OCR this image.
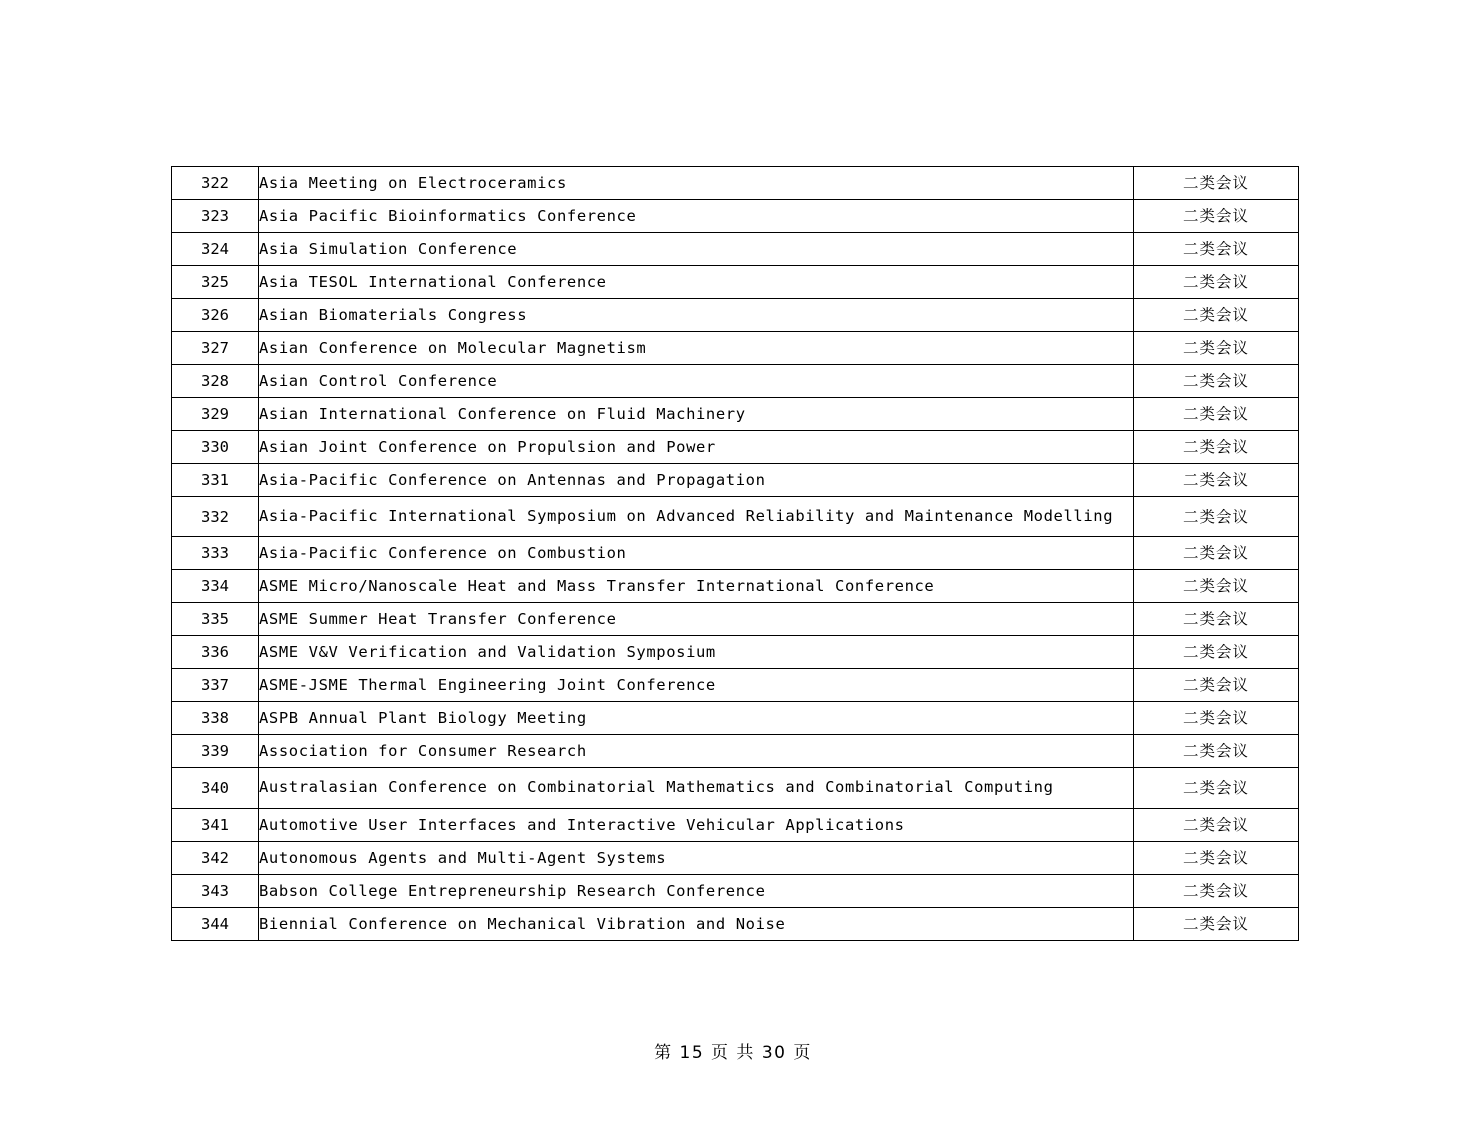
322	Asia Meeting on Electroceramics	二类会议
323	Asia Pacific Bioinformatics Conference	二类会议
324	Asia Simulation Conference	二类会议
325	Asia TESOL International Conference	二类会议
326	Asian Biomaterials Congress	二类会议
327	Asian Conference on Molecular Magnetism	二类会议
328	Asian Control Conference	二类会议
329	Asian International Conference on Fluid Machinery	二类会议
330	Asian Joint Conference on Propulsion and Power	二类会议
331	Asia-Pacific Conference on Antennas and Propagation	二类会议
332	Asia-Pacific International Symposium on Advanced Reliability and Maintenance Modelling	二类会议
333	Asia-Pacific Conference on Combustion	二类会议
334	ASME Micro/Nanoscale Heat and Mass Transfer International Conference	二类会议
335	ASME Summer Heat Transfer Conference	二类会议
336	ASME V&V Verification and Validation Symposium	二类会议
337	ASME-JSME Thermal Engineering Joint Conference	二类会议
338	ASPB Annual Plant Biology Meeting	二类会议
339	Association for Consumer Research	二类会议
340	Australasian Conference on Combinatorial Mathematics and Combinatorial Computing	二类会议
341	Automotive User Interfaces and Interactive Vehicular Applications	二类会议
342	Autonomous Agents and Multi-Agent Systems	二类会议
343	Babson College Entrepreneurship Research Conference	二类会议
344	Biennial Conference on Mechanical Vibration and Noise	二类会议
第 15 页 共 30 页
